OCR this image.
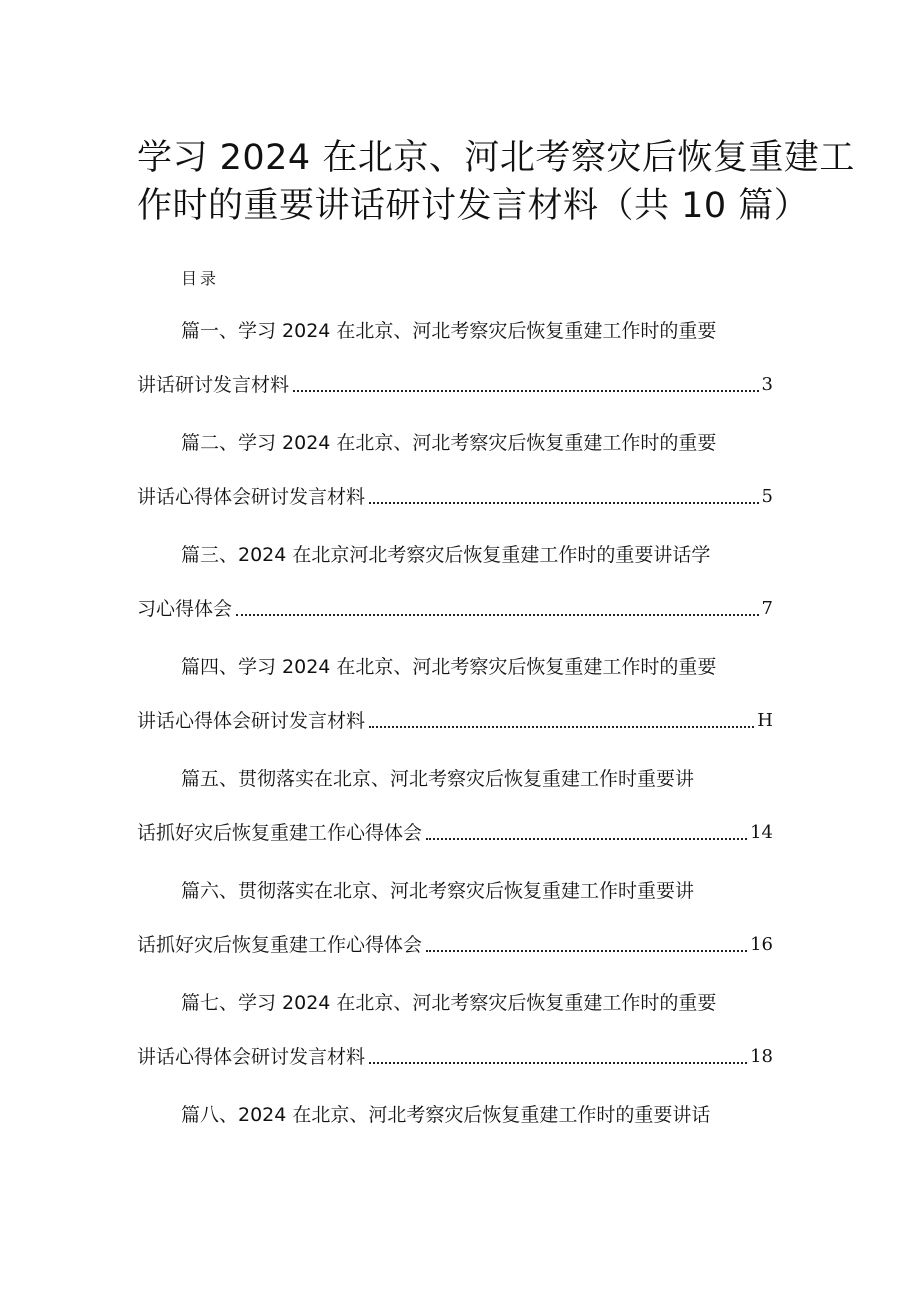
学习 2024 在北京、河北考察灾后恢复重建工
作时的重要讲话研讨发言材料（共 10 篇）
目录
篇一、学习 2024 在北京、河北考察灾后恢复重建工作时的重要
讲话研讨发言材料	3
篇二、学习 2024 在北京、河北考察灾后恢复重建工作时的重要
讲话心得体会研讨发言材料	5
篇三、2024 在北京河北考察灾后恢复重建工作时的重要讲话学
习心得体会	7
篇四、学习 2024 在北京、河北考察灾后恢复重建工作时的重要
讲话心得体会研讨发言材料	H
篇五、贯彻落实在北京、河北考察灾后恢复重建工作时重要讲
话抓好灾后恢复重建工作心得体会	14
篇六、贯彻落实在北京、河北考察灾后恢复重建工作时重要讲
话抓好灾后恢复重建工作心得体会	16
篇七、学习 2024 在北京、河北考察灾后恢复重建工作时的重要
讲话心得体会研讨发言材料	18
篇八、2024 在北京、河北考察灾后恢复重建工作时的重要讲话
